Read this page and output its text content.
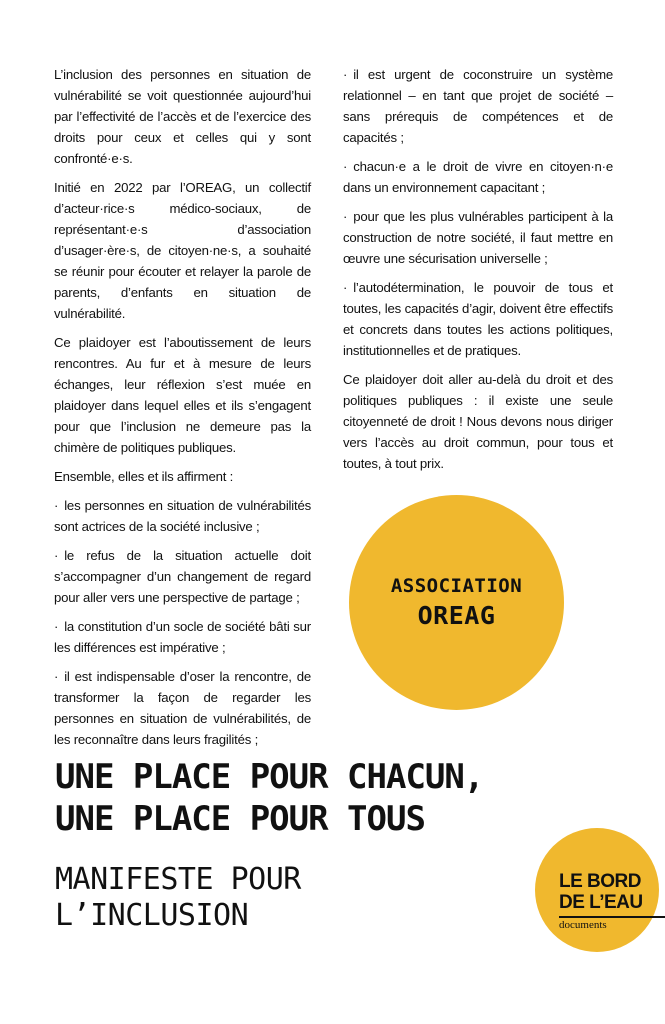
L’inclusion des personnes en situation de vulnérabilité se voit questionnée aujourd’hui par l’effectivité de l’accès et de l’exercice des droits pour ceux et celles qui y sont confronté·e·s.

Initié en 2022 par l’OREAG, un collectif d’acteur·rice·s médico-sociaux, de représentant·e·s d’association d’usager·ère·s, de citoyen·ne·s, a souhaité se réunir pour écouter et relayer la parole de parents, d’enfants en situation de vulnérabilité.

Ce plaidoyer est l’aboutissement de leurs rencontres. Au fur et à mesure de leurs échanges, leur réflexion s’est muée en plaidoyer dans lequel elles et ils s’engagent pour que l’inclusion ne demeure pas la chimère de politiques publiques.

Ensemble, elles et ils affirment :

· les personnes en situation de vulnérabilités sont actrices de la société inclusive ;
· le refus de la situation actuelle doit s’accompagner d’un changement de regard pour aller vers une perspective de partage ;
· la constitution d’un socle de société bâti sur les différences est impérative ;
· il est indispensable d’oser la rencontre, de transformer la façon de regarder les personnes en situation de vulnérabilités, de les reconnaître dans leurs fragilités ;
· il est urgent de coconstruire un système relationnel – en tant que projet de société – sans prérequis de compétences et de capacités ;
· chacun·e a le droit de vivre en citoyen·n·e dans un environnement capacitant ;
· pour que les plus vulnérables participent à la construction de notre société, il faut mettre en œuvre une sécurisation universelle ;
· l’autodétermination, le pouvoir de tous et toutes, les capacités d’agir, doivent être effectifs et concrets dans toutes les actions politiques, institutionnelles et de pratiques.

Ce plaidoyer doit aller au-delà du droit et des politiques publiques : il existe une seule citoyenneté de droit ! Nous devons nous diriger vers l’accès au droit commun, pour tous et toutes, à tout prix.

ASSOCIATION
OREAG
UNE PLACE POUR CHACUN,
UNE PLACE POUR TOUS
MANIFESTE POUR
L’INCLUSION
LE BORD
DE L’EAU
documents
